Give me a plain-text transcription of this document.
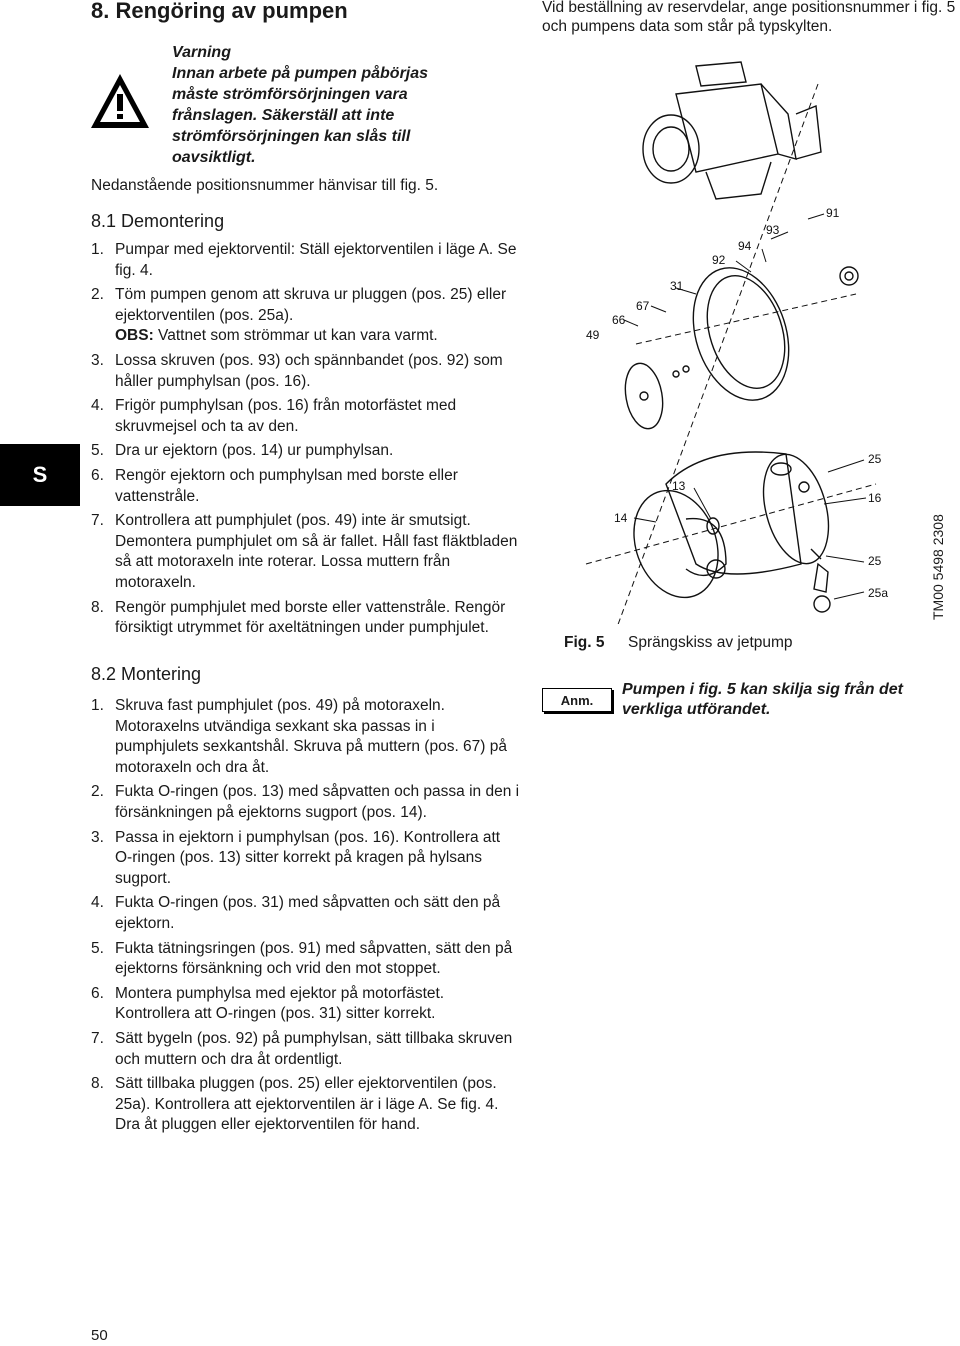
8. Rengöring av pumpen
Varning
Innan arbete på pumpen påbörjas måste strömförsörjningen vara frånslagen. Säkerställ att inte strömförsörjningen kan slås till oavsiktligt.
Nedanstående positionsnummer hänvisar till fig. 5.
8.1 Demontering
1. Pumpar med ejektorventil: Ställ ejektorventilen i läge A. Se fig. 4.
2. Töm pumpen genom att skruva ur pluggen (pos. 25) eller ejektorventilen (pos. 25a).
OBS: Vattnet som strömmar ut kan vara varmt.
3. Lossa skruven (pos. 93) och spännbandet (pos. 92) som håller pumphylsan (pos. 16).
4. Frigör pumphylsan (pos. 16) från motorfästet med skruvmejsel och ta av den.
5. Dra ur ejektorn (pos. 14) ur pumphylsan.
6. Rengör ejektorn och pumphylsan med borste eller vattenstråle.
7. Kontrollera att pumphjulet (pos. 49) inte är smutsigt. Demontera pumphjulet om så är fallet. Håll fast fläktbladen så att motoraxeln inte roterar. Lossa muttern från motoraxeln.
8. Rengör pumphjulet med borste eller vattenstråle. Rengör försiktigt utrymmet för axeltätningen under pumphjulet.
8.2 Montering
1. Skruva fast pumphjulet (pos. 49) på motoraxeln. Motoraxelns utvändiga sexkant ska passas in i pumphjulets sexkantshål. Skruva på muttern (pos. 67) på motoraxeln och dra åt.
2. Fukta O-ringen (pos. 13) med såpvatten och passa in den i försänkningen på ejektorns sugport (pos. 14).
3. Passa in ejektorn i pumphylsan (pos. 16). Kontrollera att O-ringen (pos. 13) sitter korrekt på kragen på hylsans sugport.
4. Fukta O-ringen (pos. 31) med såpvatten och sätt den på ejektorn.
5. Fukta tätningsringen (pos. 91) med såpvatten, sätt den på ejektorns försänkning och vrid den mot stoppet.
6. Montera pumphylsa med ejektor på motorfästet. Kontrollera att O-ringen (pos. 31) sitter korrekt.
7. Sätt bygeln (pos. 92) på pumphylsan, sätt tillbaka skruven och muttern och dra åt ordentligt.
8. Sätt tillbaka pluggen (pos. 25) eller ejektorventilen (pos. 25a). Kontrollera att ejektorventilen är i läge A. Se fig. 4. Dra åt pluggen eller ejektorventilen för hand.
S
Vid beställning av reservdelar, ange positionsnummer i fig. 5 och pumpens data som står på typskylten.
91
93
94
92
31
67
66
49
25
13
16
14
25
25a
Fig. 5 Sprängskiss av jetpump
TM00 5498 2308
Anm.
Pumpen i fig. 5 kan skilja sig från det verkliga utförandet.
50
